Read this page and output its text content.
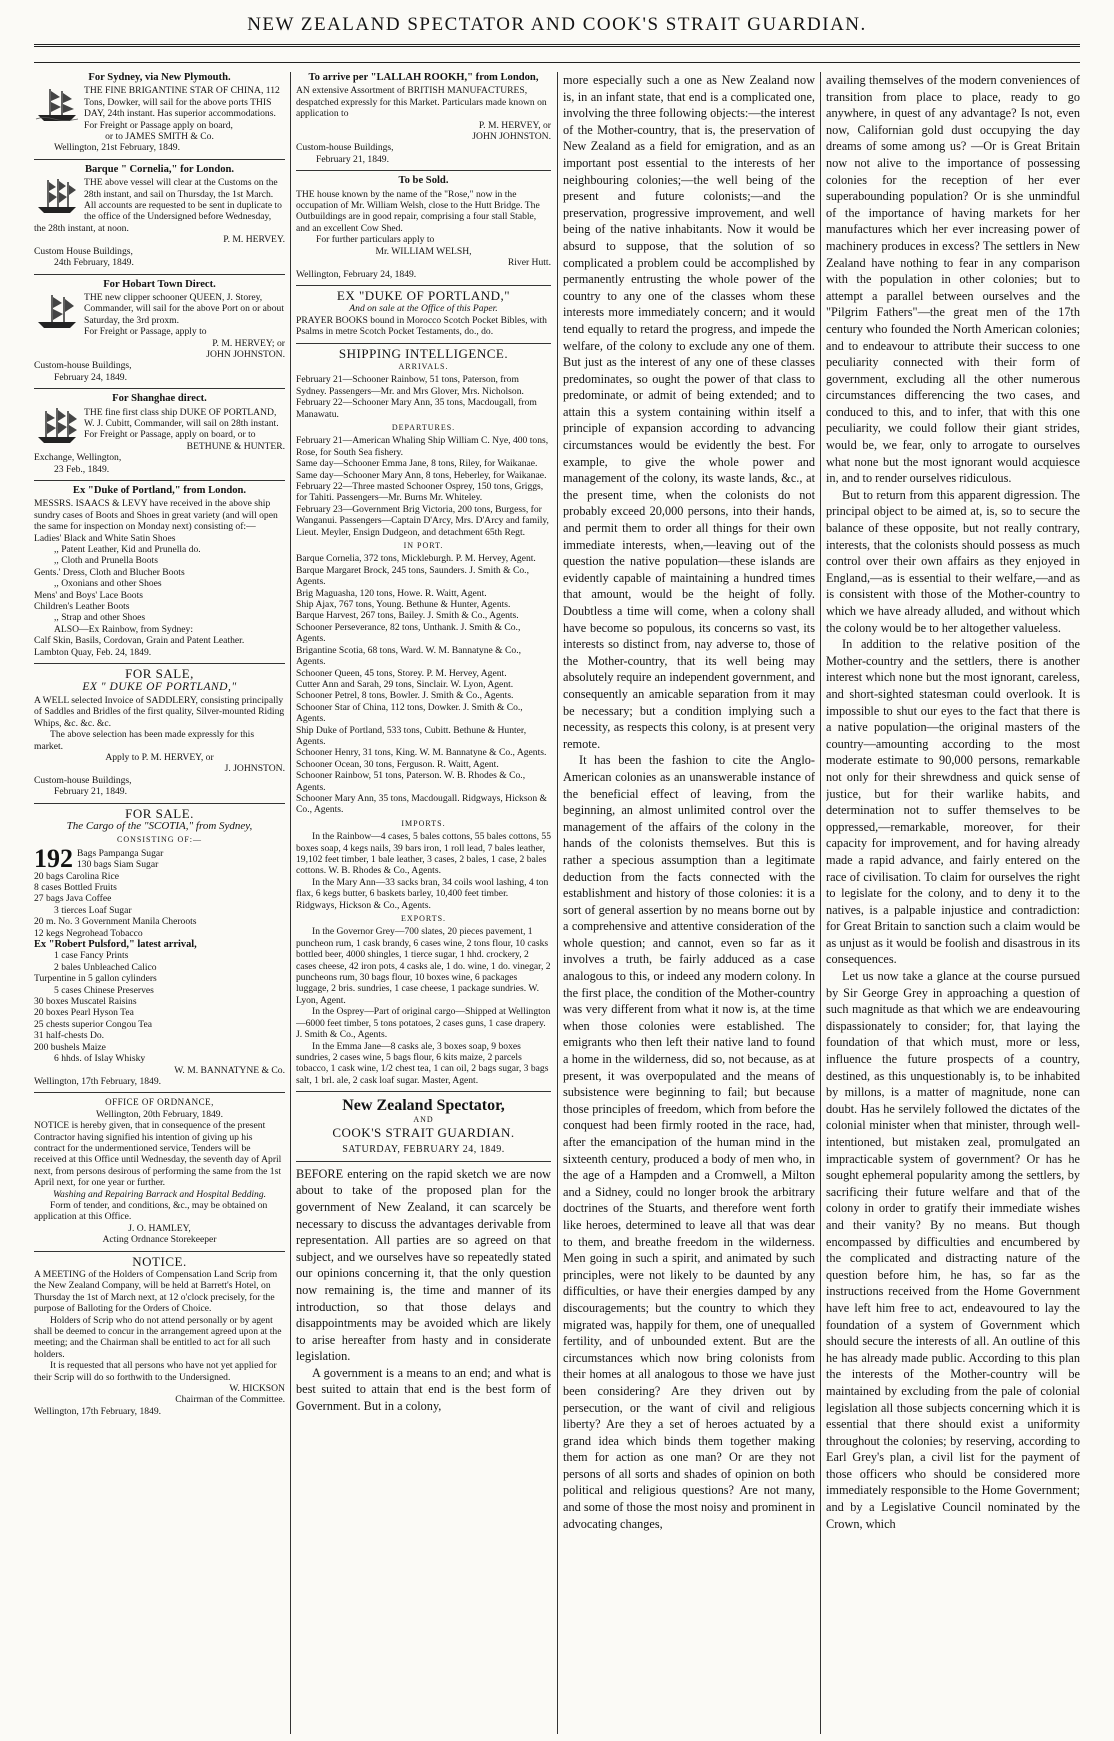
NEW ZEALAND SPECTATOR AND COOK'S STRAIT GUARDIAN.
For Sydney, via New Plymouth.

THE FINE BRIGANTINE STAR OF CHINA, 112 Tons, Dowker, will sail for the above ports THIS DAY, 24th instant. Has superior accommodations.

For Freight or Passage apply on board,
or to JAMES SMITH & Co.
Wellington, 21st February, 1849.
Barque " Cornelia," for London.

THE above vessel will clear at the Customs on the 28th instant, and sail on Thursday, the 1st March. All accounts are requested to be sent in duplicate to the office of the Undersigned before Wednesday, the 28th instant, at noon.

P. M. HERVEY.
Custom House Buildings,
24th February, 1849.
For Hobart Town Direct.

THE new clipper schooner QUEEN, J. Storey, Commander, will sail for the above Port on or about Saturday, the 3rd proxm.

For Freight or Passage, apply to
P. M. HERVEY; or
JOHN JOHNSTON.
Custom-house Buildings,
February 24, 1849.
For Shanghae direct.

THE fine first class ship DUKE OF PORTLAND, W. J. Cubitt, Commander, will sail on 28th instant.

For Freight or Passage, apply on board, or to
BETHUNE & HUNTER.
Exchange, Wellington,
23 Feb., 1849.
Ex "Duke of Portland," from London.

MESSRS. ISAACS & LEVY have received in the above ship sundry cases of Boots and Shoes in great variety (and will open the same for inspection on Monday next) consisting of:—

Ladies' Black and White Satin Shoes
,, Patent Leather, Kid and Prunella do.
,, Cloth and Prunella Boots
Gents.' Dress, Cloth and Blucher Boots
,, Oxonians and other Shoes
Mens' and Boys' Lace Boots
Children's Leather Boots
,, Strap and other Shoes
ALSO—Ex Rainbow, from Sydney:
Calf Skin, Basils, Cordovan, Grain and Patent Leather.
Lambton Quay, Feb. 24, 1849.
FOR SALE,
EX " DUKE OF PORTLAND,"

A WELL selected Invoice of SADDLERY, consisting principally of Saddles and Bridles of the first quality, Silver-mounted Riding Whips, &c. &c. &c.

The above selection has been made expressly for this market.

Apply to P. M. HERVEY, or
J. JOHNSTON.
Custom-house Buildings,
February 21, 1849.
FOR SALE.
The Cargo of the "SCOTIA," from Sydney,
CONSISTING OF:—
192 Bags Pampanga Sugar
130 bags Siam Sugar
20 bags Carolina Rice
8 cases Bottled Fruits
27 bags Java Coffee
3 tierces Loaf Sugar
20 m. No. 3 Government Manila Cheroots
12 kegs Negrohead Tobacco
Ex "Robert Pulsford," latest arrival,
1 case Fancy Prints
2 bales Unbleached Calico
Turpentine in 5 gallon cylinders
5 cases Chinese Preserves
30 boxes Muscatel Raisins
20 boxes Pearl Hyson Tea
25 chests superior Congou Tea
31 half-chests Do.
200 bushels Maize
6 hhds. of Islay Whisky
W. M. BANNATYNE & Co.
Wellington, 17th February, 1849.
OFFICE OF ORDNANCE,
Wellington, 20th February, 1849.

NOTICE is hereby given, that in consequence of the present Contractor having signified his intention of giving up his contract for the undermentioned service, Tenders will be received at this Office until Wednesday, the seventh day of April next, from persons desirous of performing the same from the 1st April next, for one year or further.

Washing and Repairing Barrack and Hospital Bedding.

Form of tender, and conditions, &c., may be obtained on application at this Office.

J. O. HAMLEY,
Acting Ordnance Storekeeper
NOTICE.

A MEETING of the Holders of Compensation Land Scrip from the New Zealand Company, will be held at Barrett's Hotel, on Thursday the 1st of March next, at 12 o'clock precisely, for the purpose of Balloting for the Orders of Choice.

Holders of Scrip who do not attend personally or by agent shall be deemed to concur in the arrangement agreed upon at the meeting; and the Chairman shall be entitled to act for all such holders.

It is requested that all persons who have not yet applied for their Scrip will do so forthwith to the Undersigned.

W. HICKSON
Chairman of the Committee.
Wellington, 17th February, 1849.
To arrive per "LALLAH ROOKH," from London,

AN extensive Assortment of BRITISH MANUFACTURES, despatched expressly for this Market. Particulars made known on application to

P. M. HERVEY, or
JOHN JOHNSTON.
Custom-house Buildings,
February 21, 1849.
To be Sold.

THE house known by the name of the "Rose," now in the occupation of Mr. William Welsh, close to the Hutt Bridge. The Outbuildings are in good repair, comprising a four stall Stable, and an excellent Cow Shed.

For further particulars apply to
Mr. WILLIAM WELSH,
River Hutt.
Wellington, February 24, 1849.
EX "DUKE OF PORTLAND,"
And on sale at the Office of this Paper.

PRAYER BOOKS bound in Morocco Scotch Pocket Bibles, with Psalms in metre Scotch Pocket Testaments, do., do.

SHIPPING INTELLIGENCE.
ARRIVALS.

February 21—Schooner Rainbow, 51 tons, Paterson, from Sydney. Passengers—Mr. and Mrs Glover, Mrs. Nicholson.

February 22—Schooner Mary Ann, 35 tons, Macdougall, from Manawatu.

DEPARTURES.

February 21—American Whaling Ship William C. Nye, 400 tons, Rose, for South Sea fishery.

Same day—Schooner Emma Jane, 8 tons, Riley, for Waikanae.

Same day—Schooner Mary Ann, 8 tons, Heberley, for Waikanae.

February 22—Three masted Schooner Osprey, 150 tons, Griggs, for Tahiti. Passengers—Mr. Burns Mr. Whiteley.

February 23—Government Brig Victoria, 200 tons, Burgess, for Wanganui. Passengers—Captain D'Arcy, Mrs. D'Arcy and family, Lieut. Meyler, Ensign Dudgeon, and detachment 65th Regt.

IN PORT.

Barque Cornelia, 372 tons, Mickleburgh. P. M. Hervey, Agent.

Barque Margaret Brock, 245 tons, Saunders. J. Smith & Co., Agents.

Brig Maguasha, 120 tons, Howe. R. Waitt, Agent.

Ship Ajax, 767 tons, Young. Bethune & Hunter, Agents.

Barque Harvest, 267 tons, Bailey. J. Smith & Co., Agents.

Schooner Perseverance, 82 tons, Unthank. J. Smith & Co., Agents.

Brigantine Scotia, 68 tons, Ward. W. M. Bannatyne & Co., Agents.

Schooner Queen, 45 tons, Storey. P. M. Hervey, Agent.

Cutter Ann and Sarah, 29 tons, Sinclair. W. Lyon, Agent.

Schooner Petrel, 8 tons, Bowler. J. Smith & Co., Agents.

Schooner Star of China, 112 tons, Dowker. J. Smith & Co., Agents.

Ship Duke of Portland, 533 tons, Cubitt. Bethune & Hunter, Agents.

Schooner Henry, 31 tons, King. W. M. Bannatyne & Co., Agents.

Schooner Ocean, 30 tons, Ferguson. R. Waitt, Agent.

Schooner Rainbow, 51 tons, Paterson. W. B. Rhodes & Co., Agents.

Schooner Mary Ann, 35 tons, Macdougall. Ridgways, Hickson & Co., Agents.

IMPORTS.

In the Rainbow—4 cases, 5 bales cottons, 55 bales cottons, 55 boxes soap, 4 kegs nails, 39 bars iron, 1 roll lead, 7 bales leather, 19,102 feet timber, 1 bale leather, 3 cases, 2 bales, 1 case, 2 bales cottons. W. B. Rhodes & Co., Agents.

In the Mary Ann—33 sacks bran, 34 coils wool lashing, 4 ton flax, 6 kegs butter, 6 baskets barley, 10,400 feet timber. Ridgways, Hickson & Co., Agents.

EXPORTS.

In the Governor Grey—700 slates, 20 pieces pavement, 1 puncheon rum, 1 cask brandy, 6 cases wine, 2 tons flour, 10 casks bottled beer, 4000 shingles, 1 tierce sugar, 1 hhd. crockery, 2 cases cheese, 42 iron pots, 4 casks ale, 1 do. wine, 1 do. vinegar, 2 puncheons rum, 30 bags flour, 10 boxes wine, 6 packages luggage, 2 bris. sundries, 1 case cheese, 1 package sundries. W. Lyon, Agent.

In the Osprey—Part of original cargo—Shipped at Wellington—6000 feet timber, 5 tons potatoes, 2 cases guns, 1 case drapery. J. Smith & Co., Agents.

In the Emma Jane—8 casks ale, 3 boxes soap, 9 boxes sundries, 2 cases wine, 5 bags flour, 6 kits maize, 2 parcels tobacco, 1 cask wine, 1/2 chest tea, 1 can oil, 2 bags sugar, 3 bags salt, 1 brl. ale, 2 cask loaf sugar. Master, Agent.

New Zealand Spectator,
AND
COOK'S STRAIT GUARDIAN.
SATURDAY, FEBRUARY 24, 1849.

BEFORE entering on the rapid sketch we are now about to take of the proposed plan for the government of New Zealand, it can scarcely be necessary to discuss the advantages derivable from representation. All parties are so agreed on that subject, and we ourselves have so repeatedly stated our opinions concerning it, that the only question now remaining is, the time and manner of its introduction, so that those delays and disappointments may be avoided which are likely to arise hereafter from hasty and in considerate legislation.

A government is a means to an end; and what is best suited to attain that end is the best form of Government. But in a colony,

more especially such a one as New Zealand now is, in an infant state, that end is a complicated one, involving the three following objects:—the interest of the Mother-country, that is, the preservation of New Zealand as a field for emigration, and as an important post essential to the interests of her neighbouring colonies;—the well being of the present and future colonists;—and the preservation, progressive improvement, and well being of the native inhabitants. Now it would be absurd to suppose, that the solution of so complicated a problem could be accomplished by permanently entrusting the whole power of the country to any one of the classes whom these interests more immediately concern; and it would tend equally to retard the progress, and impede the welfare, of the colony to exclude any one of them. But just as the interest of any one of these classes predominates, so ought the power of that class to predominate, or admit of being extended; and to attain this a system containing within itself a principle of expansion according to advancing circumstances would be evidently the best. For example, to give the whole power and management of the colony, its waste lands, &c., at the present time, when the colonists do not probably exceed 20,000 persons, into their hands, and permit them to order all things for their own immediate interests, when,—leaving out of the question the native population—these islands are evidently capable of maintaining a hundred times that amount, would be the height of folly. Doubtless a time will come, when a colony shall have become so populous, its concerns so vast, its interests so distinct from, nay adverse to, those of the Mother-country, that its well being may absolutely require an independent government, and consequently an amicable separation from it may be necessary; but a condition implying such a necessity, as respects this colony, is at present very remote.

It has been the fashion to cite the Anglo-American colonies as an unanswerable instance of the beneficial effect of leaving, from the beginning, an almost unlimited control over the management of the affairs of the colony in the hands of the colonists themselves. But this is rather a specious assumption than a legitimate deduction from the facts connected with the establishment and history of those colonies: it is a sort of general assertion by no means borne out by a comprehensive and attentive consideration of the whole question; and cannot, even so far as it involves a truth, be fairly adduced as a case analogous to this, or indeed any modern colony. In the first place, the condition of the Mother-country was very different from what it now is, at the time when those colonies were established. The emigrants who then left their native land to found a home in the wilderness, did so, not because, as at present, it was overpopulated and the means of subsistence were beginning to fail; but because those principles of freedom, which from before the conquest had been firmly rooted in the race, had, after the emancipation of the human mind in the sixteenth century, produced a body of men who, in the age of a Hampden and a Cromwell, a Milton and a Sidney, could no longer brook the arbitrary doctrines of the Stuarts, and therefore went forth like heroes, determined to leave all that was dear to them, and breathe freedom in the wilderness. Men going in such a spirit, and animated by such principles, were not likely to be daunted by any difficulties, or have their energies damped by any discouragements; but the country to which they migrated was, happily for them, one of unequalled fertility, and of unbounded extent. But are the circumstances which now bring colonists from their homes at all analogous to those we have just been considering? Are they driven out by persecution, or the want of civil and religious liberty? Are they a set of heroes actuated by a grand idea which binds them together making them for action as one man? Or are they not persons of all sorts and shades of opinion on both political and religious questions? Are not many, and some of those the most noisy and prominent in advocating changes,

availing themselves of the modern conveniences of transition from place to place, ready to go anywhere, in quest of any advantage? Is not, even now, Californian gold dust occupying the day dreams of some among us? —Or is Great Britain now not alive to the importance of possessing colonies for the reception of her ever superabounding population? Or is she unmindful of the importance of having markets for her manufactures which her ever increasing power of machinery produces in excess? The settlers in New Zealand have nothing to fear in any comparison with the population in other colonies; but to attempt a parallel between ourselves and the "Pilgrim Fathers"—the great men of the 17th century who founded the North American colonies; and to endeavour to attribute their success to one peculiarity connected with their form of government, excluding all the other numerous circumstances differencing the two cases, and conduced to this, and to infer, that with this one peculiarity, we could follow their giant strides, would be, we fear, only to arrogate to ourselves what none but the most ignorant would acquiesce in, and to render ourselves ridiculous.

But to return from this apparent digression. The principal object to be aimed at, is, so to secure the balance of these opposite, but not really contrary, interests, that the colonists should possess as much control over their own affairs as they enjoyed in England,—as is essential to their welfare,—and as is consistent with those of the Mother-country to which we have already alluded, and without which the colony would be to her altogether valueless.

In addition to the relative position of the Mother-country and the settlers, there is another interest which none but the most ignorant, careless, and short-sighted statesman could overlook. It is impossible to shut our eyes to the fact that there is a native population—the original masters of the country—amounting according to the most moderate estimate to 90,000 persons, remarkable not only for their shrewdness and quick sense of justice, but for their warlike habits, and determination not to suffer themselves to be oppressed,—remarkable, moreover, for their capacity for improvement, and for having already made a rapid advance, and fairly entered on the race of civilisation. To claim for ourselves the right to legislate for the colony, and to deny it to the natives, is a palpable injustice and contradiction: for Great Britain to sanction such a claim would be as unjust as it would be foolish and disastrous in its consequences.

Let us now take a glance at the course pursued by Sir George Grey in approaching a question of such magnitude as that which we are endeavouring dispassionately to consider; for, that laying the foundation of that which must, more or less, influence the future prospects of a country, destined, as this unquestionably is, to be inhabited by millons, is a matter of magnitude, none can doubt. Has he servilely followed the dictates of the colonial minister when that minister, through well-intentioned, but mistaken zeal, promulgated an impracticable system of government? Or has he sought ephemeral popularity among the settlers, by sacrificing their future welfare and that of the colony in order to gratify their immediate wishes and their vanity? By no means. But though encompassed by difficulties and encumbered by the complicated and distracting nature of the question before him, he has, so far as the instructions received from the Home Government have left him free to act, endeavoured to lay the foundation of a system of Government which should secure the interests of all. An outline of this he has already made public. According to this plan the interests of the Mother-country will be maintained by excluding from the pale of colonial legislation all those subjects concerning which it is essential that there should exist a uniformity throughout the colonies; by reserving, according to Earl Grey's plan, a civil list for the payment of those officers who should be considered more immediately responsible to the Home Government; and by a Legislative Council nominated by the Crown, which
